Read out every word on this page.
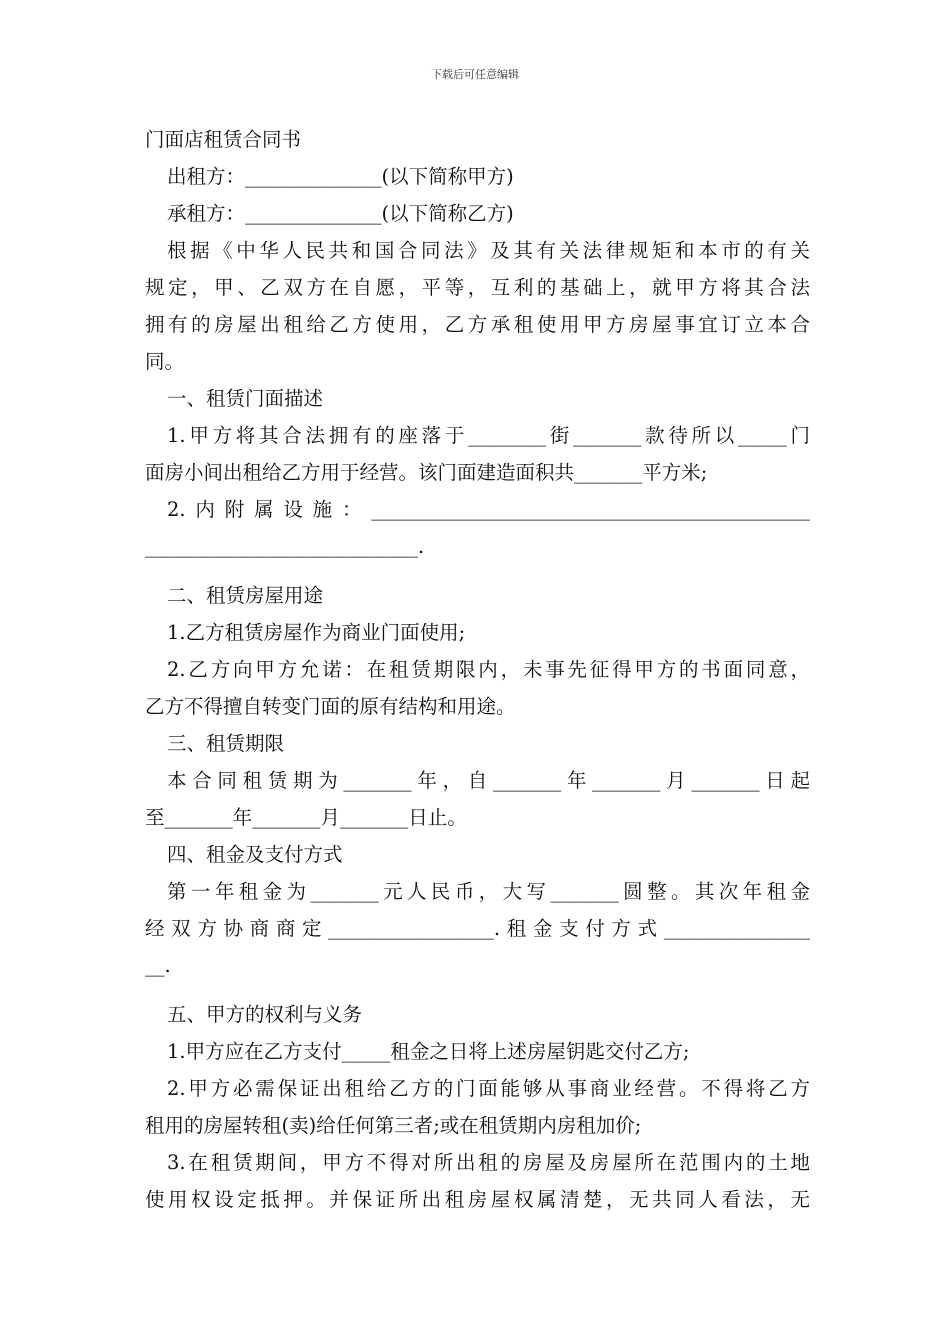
下载后可任意编辑
门面店租赁合同书
出租方：______________(以下简称甲方)
承租方：______________(以下简称乙方)
根据《中华人民共和国合同法》及其有关法律规矩和本市的有关
规定，甲、乙双方在自愿，平等，互利的基础上，就甲方将其合法
拥有的房屋出租给乙方使用，乙方承租使用甲方房屋事宜订立本合
同。
一、租赁门面描述
1.甲方将其合法拥有的座落于________街_______款待所以_____门
面房小间出租给乙方用于经营。该门面建造面积共_______平方米;
2.内附属设施：_____________________________________________
____________________________.
二、租赁房屋用途
1.乙方租赁房屋作为商业门面使用;
2.乙方向甲方允诺：在租赁期限内，未事先征得甲方的书面同意，
乙方不得擅自转变门面的原有结构和用途。
三、租赁期限
本合同租赁期为_______年，自_______年_______月_______日起
至_______年_______月_______日止。
四、租金及支付方式
第一年租金为_______元人民币，大写_______圆整。其次年租金
经双方协商商定_________________.租金支付方式_______________
__.
五、甲方的权利与义务
1.甲方应在乙方支付_____租金之日将上述房屋钥匙交付乙方;
2.甲方必需保证出租给乙方的门面能够从事商业经营。不得将乙方
租用的房屋转租(卖)给任何第三者;或在租赁期内房租加价;
3.在租赁期间，甲方不得对所出租的房屋及房屋所在范围内的土地
使用权设定抵押。并保证所出租房屋权属清楚，无共同人看法，无
